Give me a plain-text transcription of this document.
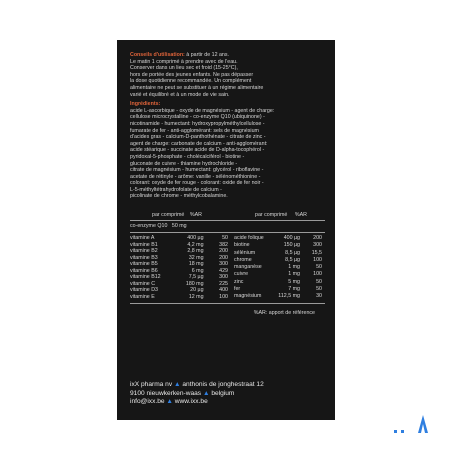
Conseils d'utilisation: à partir de 12 ans.

Le matin 1 comprimé à prendre avec de l'eau.

Conserver dans un lieu sec et froid (15-25°C),

hors de portée des jeunes enfants. Ne pas dépasser

la dose quotidienne recommandée. Un complément

alimentaire ne peut se substituer à un régime alimentaire

varié et équilibré et à un mode de vie sain.

Ingrédients:

acide L-ascorbique - oxyde de magnésium - agent de charge:

cellulose microcrystalline - co-enzyme Q10 (ubiquinone) -

nicotinamide - humectant: hydroxypropylméthylcellulose -

fumarate de fer - anti-agglomérant: sels de magnésium

d'acides gras - calcium-D-panthothénate - citrate de zinc -

agent de charge: carbonate de calcium - anti-agglomérant:

acide stéarique - succinate acide de D-alpha-tocophérol -

pyridoxal-5-phosphate - cholécalciférol - biotine -

gluconate de cuivre - thiamine hydrochloride -

citrate de magnésium - humectant: glycérol - riboflavine -

acetate de rétinyle - arôme: vanille - sélénométhionine -

colorant: oxyde de fer rouge - colorant: oxide de fer noir -

L-5-méthyltétrahydrofolate de calcium -

picolinate de chrome - méthylcobalamine.

par comprimé %AR	par comprimé %AR
co-enzyme Q10 50 mg
vitamine A	400 µg	50
vitamine B1	4,2 mg	382
vitamine B2	2,8 mg	200
vitamine B3	32 mg	200
vitamine B5	18 mg	300
vitamine B6	6 mg	429
vitamine B12	7,5 µg	300
vitamine C	180 mg	225
vitamine D3	20 µg	400
vitamine E	12 mg	100
acide folique	400 µg	200
biotine	150 µg	300

sélénium	8,5 µg	15,5
chrome	8,5 µg	100
manganèse	1 mg	50
cuivre	1 mg	100
zinc	5 mg	50
fer	7 mg	50
magnésium	112,5 mg	30
%AR: apport de référence
ixX pharma nv ▲ anthonis de jonghestraat 12
9100 nieuwkerken-waas ▲ belgium
info@ixx.be ▲ www.ixx.be
